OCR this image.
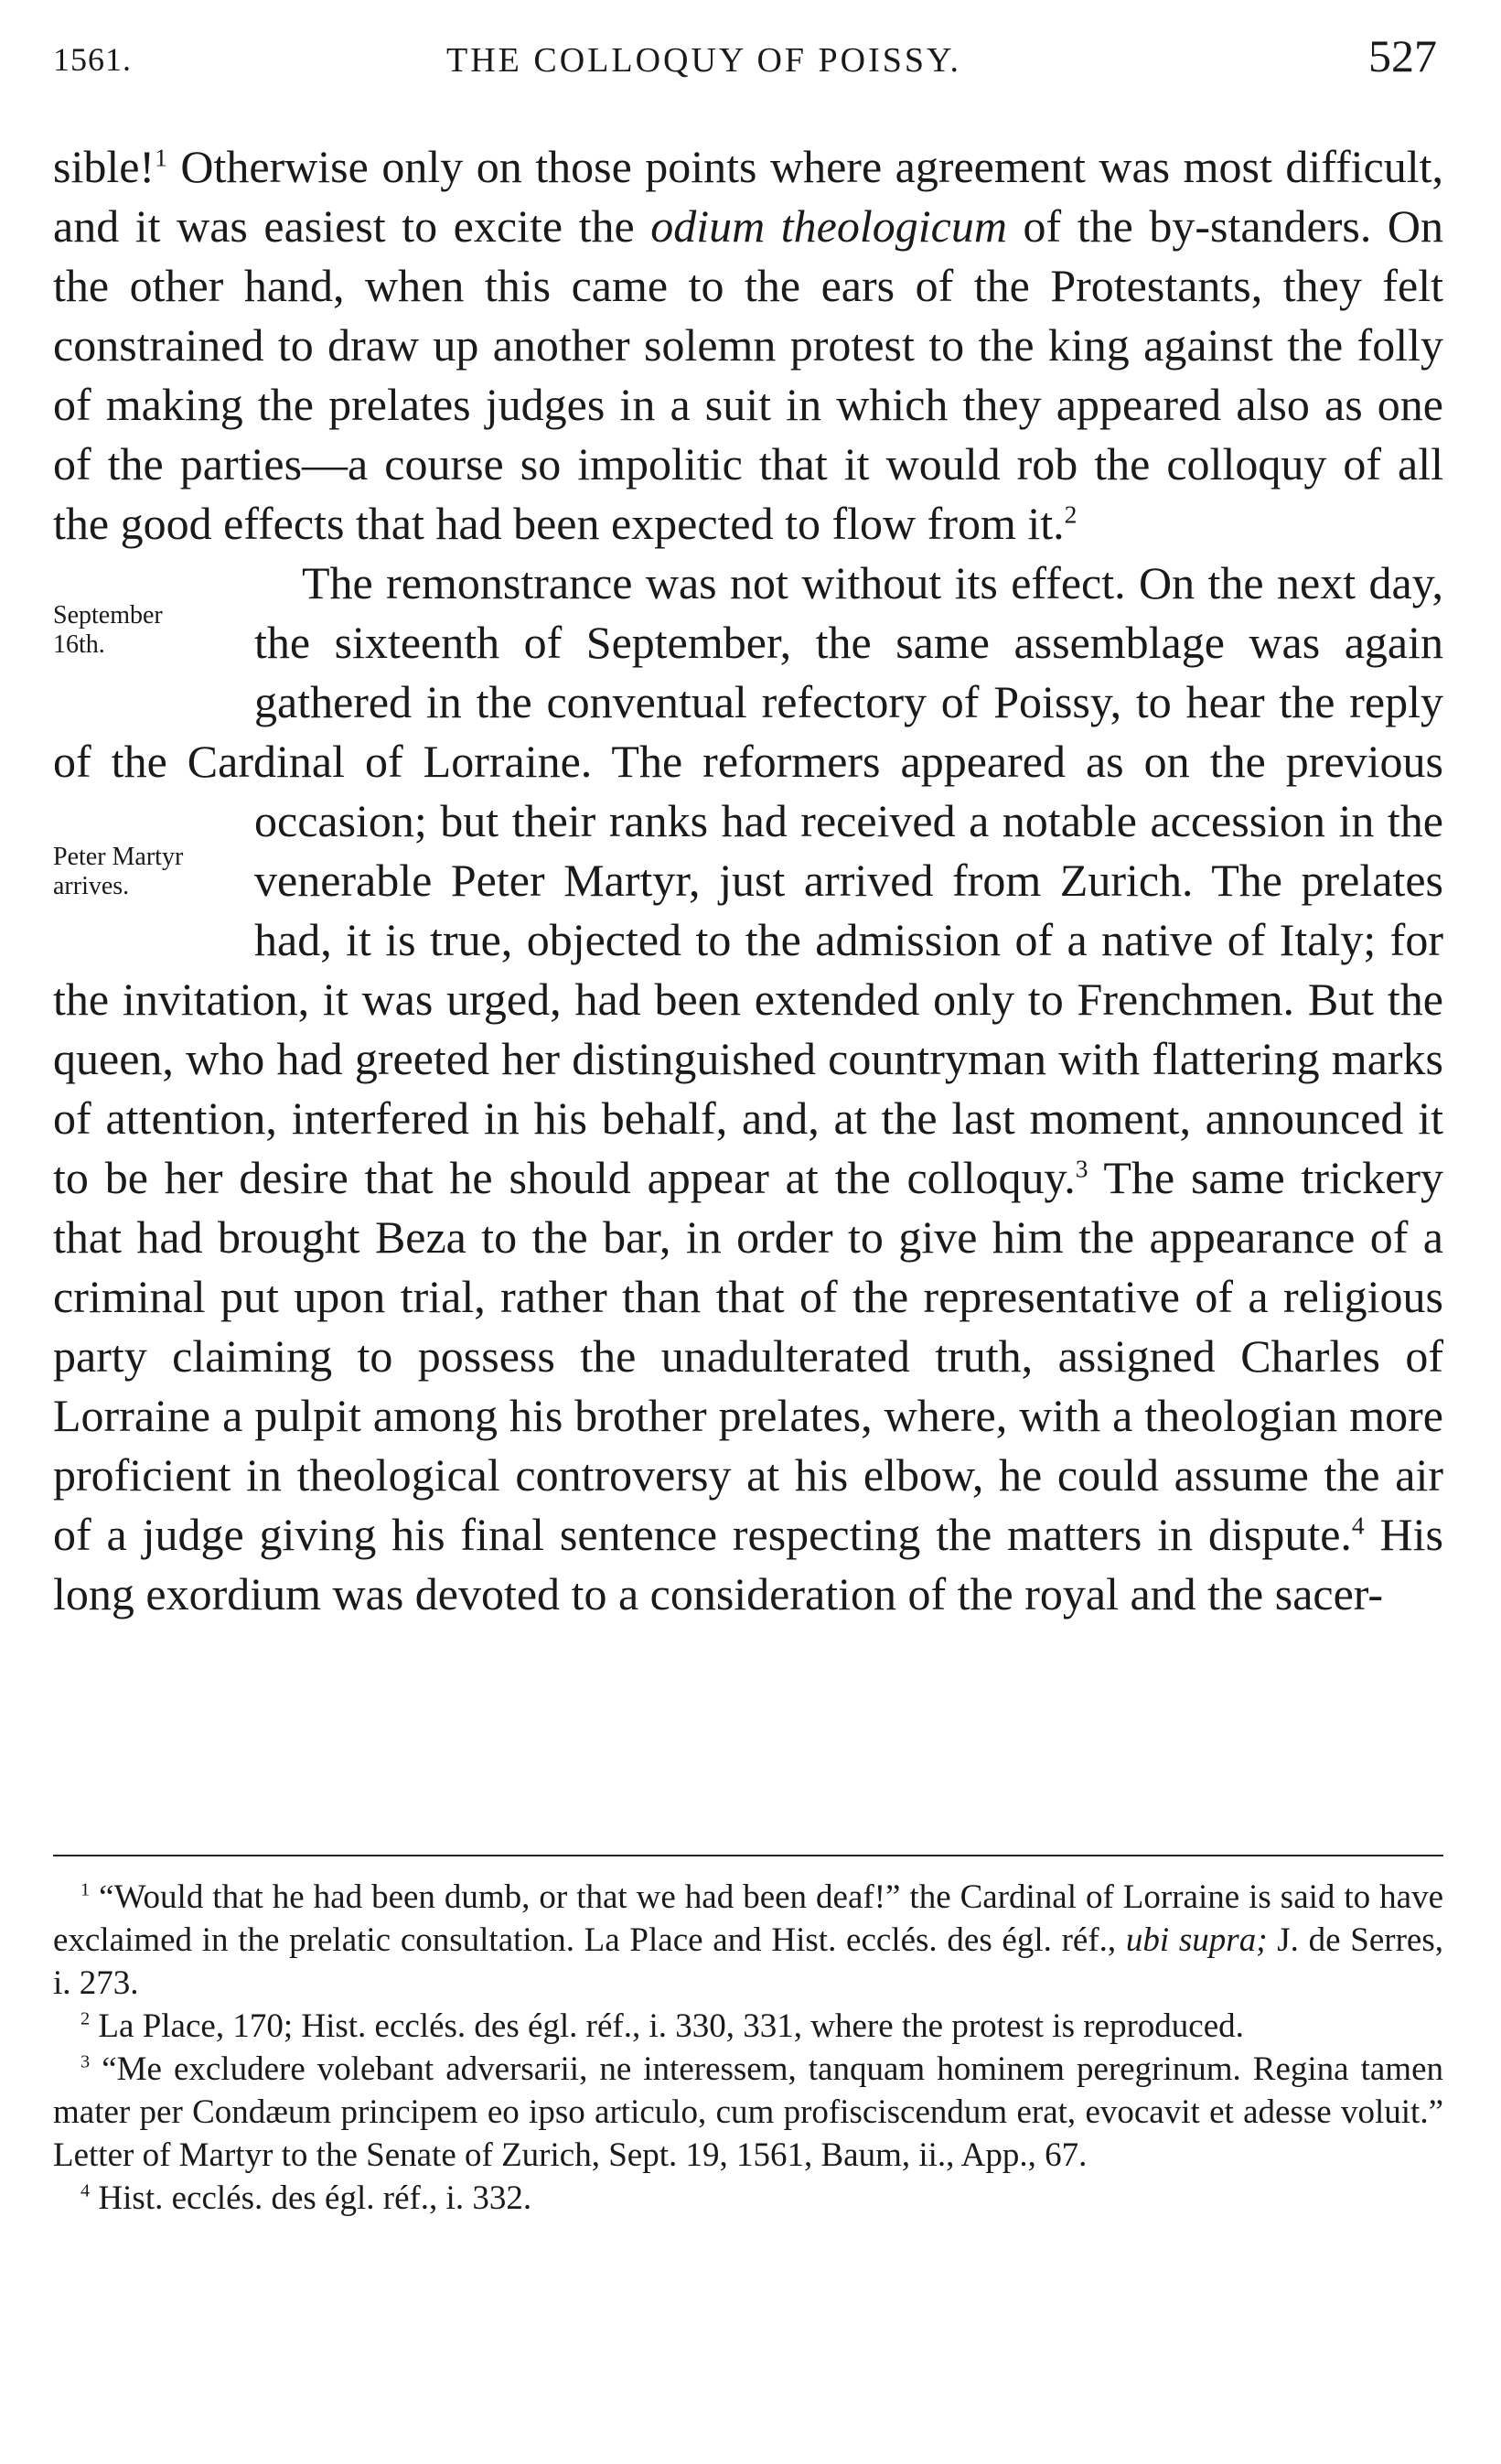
1561.	THE COLLOQUY OF POISSY.	527

sible!$^1$ Otherwise only on those points where agreement was most difficult, and it was easiest to excite the odium theologicum of the by-standers. On the other hand, when this came to the ears of the Protestants, they felt constrained to draw up another solemn protest to the king against the folly of making the prelates judges in a suit in which they appeared also as one of the parties—a course so impolitic that it would rob the colloquy of all the good effects that had been expected to flow from it.$^2$

September
16th.
The remonstrance was not without its effect. On the next day, the sixteenth of September, the same assemblage was again gathered in the conventual refectory of Poissy, to hear the reply of the Cardinal of Lorraine. The reformers appeared as on the previous occasion; but their ranks
Peter Martyr
arrives.
had received a notable accession in the venerable Peter Martyr, just arrived from Zurich. The prelates had, it is true, objected to the admission of a native of Italy; for the invitation, it was urged, had been extended only to Frenchmen. But the queen, who had greeted her distinguished countryman with flattering marks of attention, interfered in his behalf, and, at the last moment, announced it to be her desire that he should appear at the colloquy.$^3$ The same trickery that had brought Beza to the bar, in order to give him the appearance of a criminal put upon trial, rather than that of the representative of a religious party claiming to possess the unadulterated truth, assigned Charles of Lorraine a pulpit among his brother prelates, where, with a theologian more proficient in theological controversy at his elbow, he could assume the air of a judge giving his final sentence respecting the matters in dispute.$^4$ His long exordium was devoted to a consideration of the royal and the sacer-

$^1$ “Would that he had been dumb, or that we had been deaf!” the Cardinal of Lorraine is said to have exclaimed in the prelatic consultation. La Place and Hist. ecclés. des égl. réf., ubi supra; J. de Serres, i. 273.

$^2$ La Place, 170; Hist. ecclés. des égl. réf., i. 330, 331, where the protest is reproduced.

$^3$ “Me excludere volebant adversarii, ne interessem, tanquam hominem peregrinum. Regina tamen mater per Condæum principem eo ipso articulo, cum profisciscendum erat, evocavit et adesse voluit.” Letter of Martyr to the Senate of Zurich, Sept. 19, 1561, Baum, ii., App., 67.

$^4$ Hist. ecclés. des égl. réf., i. 332.
